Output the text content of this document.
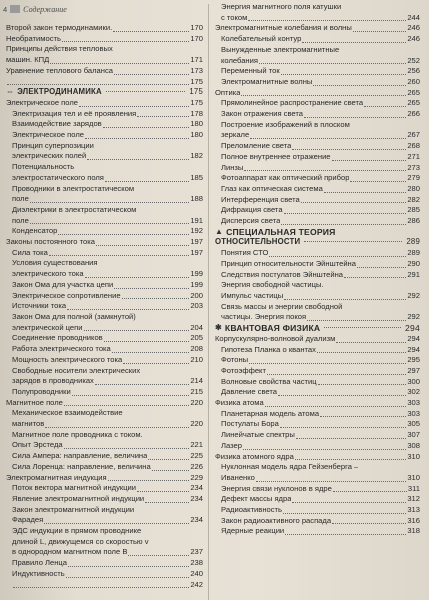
4 Содержание
Второй закон термодинамики.	170
Необратимость	170
Принципы действия тепловых
машин. КПД	171
Уравнение теплового баланса	173
175
⇔ ЭЛЕКТРОДИНАМИКА	175
Электрическое поле	175
Электризация тел и её проявления	178
Взаимодействие зарядов	180
Электрическое поле	180
Принцип суперпозиции
электрических полей	182
Потенциальность
электростатического поля	185
Проводники в электростатическом
поле	188
Диэлектрики в электростатическом
поле	191
Конденсатор	192
Законы постоянного тока	197
Сила тока	197
Условия существования
электрического тока	199
Закон Ома для участка цепи	199
Электрическое сопротивление	200
Источники тока	203
Закон Ома для полной (замкнутой)
электрической цепи	204
Соединение проводников	205
Работа электрического тока	208
Мощность электрического тока	210
Свободные носители электрических
зарядов в проводниках	214
Полупроводники	215
Магнитное поле	220
Механическое взаимодействие
магнитов	220
Магнитное поле проводника с током.
Опыт Эрстеда	221
Сила Ампера: направление, величина	225
Сила Лоренца: направление, величина	226
Электромагнитная индукция	229
Поток вектора магнитной индукции	234
Явление электромагнитной индукции	234
Закон электромагнитной индукции
Фарадея	234
ЭДС индукции в прямом проводнике
длиной L, движущемся со скоростью v
в однородном магнитном поле B	237
Правило Ленца	238
Индуктивность	240
242
Энергия магнитного поля катушки
с током	244
Электромагнитные колебания и волны	246
Колебательный контур	246
Вынужденные электромагнитные
колебания	252
Переменный ток	256
Электромагнитные волны	260
Оптика	265
Прямолинейное распространение света	265
Закон отражения света	266
Построение изображений в плоском
зеркале	267
Преломление света	268
Полное внутреннее отражение	271
Линзы	273
Фотоаппарат как оптический прибор	279
Глаз как оптическая система	280
Интерференция света	282
Дифракция света	285
Дисперсия света	286
▲ СПЕЦИАЛЬНАЯ ТЕОРИЯ
ОТНОСИТЕЛЬНОСТИ	289
Понятия СТО	289
Принцип относительности Эйнштейна	290
Следствия постулатов Эйнштейна	291
Энергия свободной частицы.
Импульс частицы	292
Связь массы и энергии свободной
частицы. Энергия покоя	292
✱ КВАНТОВАЯ ФИЗИКА	294
Корпускулярно-волновой дуализм	294
Гипотеза Планка о квантах	294
Фотоны	295
Фотоэффект	297
Волновые свойства частиц	300
Давление света	302
Физика атома	303
Планетарная модель атома	303
Постулаты Бора	305
Линейчатые спектры	307
Лазер	308
Физика атомного ядра	310
Нуклонная модель ядра Гейзенберга –
Иваненко	310
Энергия связи нуклонов в ядре	311
Дефект массы ядра	312
Радиоактивность	313
Закон радиоактивного распада	316
Ядерные реакции	318
